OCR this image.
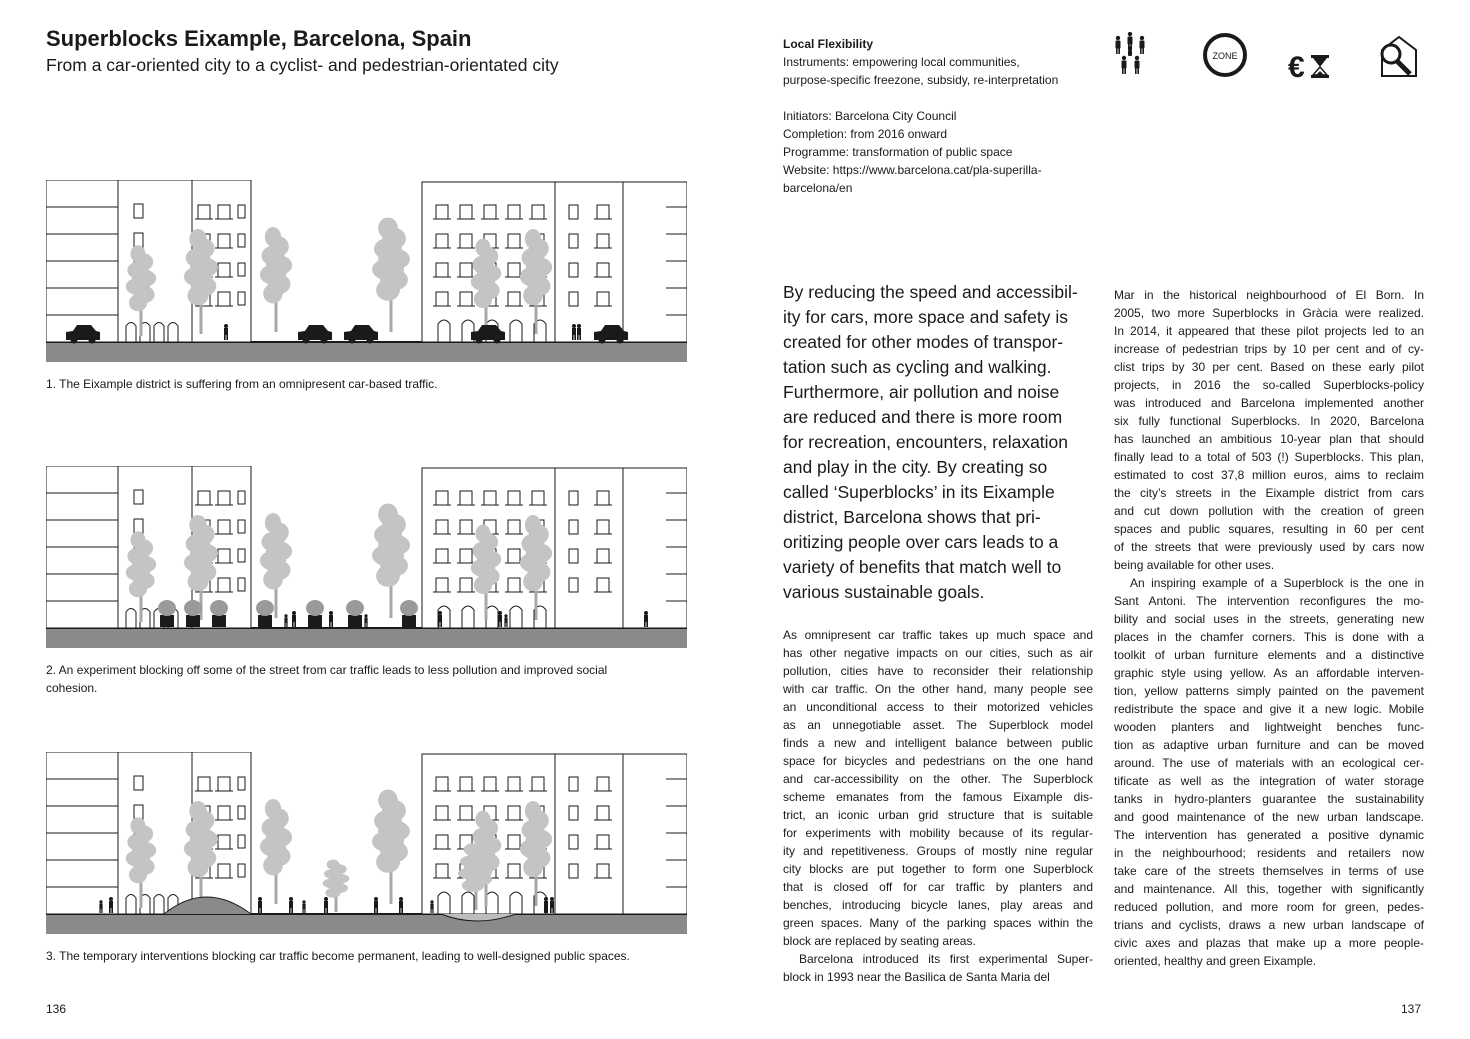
Superblocks Eixample, Barcelona, Spain
From a car-oriented city to a cyclist- and pedestrian-orientated city
1. The Eixample district is suffering from an omnipresent car-based traffic.
2. An experiment blocking off some of the street from car traffic leads to less pollution and improved social
cohesion.
3. The temporary interventions blocking car traffic become permanent, leading to well-designed public spaces.
136
Local Flexibility
Instruments: empowering local communities,
purpose-specific freezone, subsidy, re-interpretation
Initiators: Barcelona City Council
Completion: from 2016 onward
Programme: transformation of public space
Website: https://www.barcelona.cat/pla-superilla-
barcelona/en
ZONE €
By reducing the speed and accessibil-
ity for cars, more space and safety is
created for other modes of transpor-
tation such as cycling and walking.
Furthermore, air pollution and noise
are reduced and there is more room
for recreation, encounters, relaxation
and play in the city. By creating so
called ‘Superblocks’ in its Eixample
district, Barcelona shows that pri-
oritizing people over cars leads to a
variety of benefits that match well to
various sustainable goals.
As omnipresent car traffic takes up much space and
has other negative impacts on our cities, such as air
pollution, cities have to reconsider their relationship
with car traffic. On the other hand, many people see
an unconditional access to their motorized vehicles
as an unnegotiable asset. The Superblock model
finds a new and intelligent balance between public
space for bicycles and pedestrians on the one hand
and car-accessibility on the other. The Superblock
scheme emanates from the famous Eixample dis-
trict, an iconic urban grid structure that is suitable
for experiments with mobility because of its regular-
ity and repetitiveness. Groups of mostly nine regular
city blocks are put together to form one Superblock
that is closed off for car traffic by planters and
benches, introducing bicycle lanes, play areas and
green spaces. Many of the parking spaces within the
block are replaced by seating areas.
Barcelona introduced its first experimental Super-
block in 1993 near the Basilica de Santa Maria del
Mar in the historical neighbourhood of El Born. In
2005, two more Superblocks in Gràcia were realized.
In 2014, it appeared that these pilot projects led to an
increase of pedestrian trips by 10 per cent and of cy-
clist trips by 30 per cent. Based on these early pilot
projects, in 2016 the so-called Superblocks-policy
was introduced and Barcelona implemented another
six fully functional Superblocks. In 2020, Barcelona
has launched an ambitious 10-year plan that should
finally lead to a total of 503 (!) Superblocks. This plan,
estimated to cost 37,8 million euros, aims to reclaim
the city’s streets in the Eixample district from cars
and cut down pollution with the creation of green
spaces and public squares, resulting in 60 per cent
of the streets that were previously used by cars now
being available for other uses.
An inspiring example of a Superblock is the one in
Sant Antoni. The intervention reconfigures the mo-
bility and social uses in the streets, generating new
places in the chamfer corners. This is done with a
toolkit of urban furniture elements and a distinctive
graphic style using yellow. As an affordable interven-
tion, yellow patterns simply painted on the pavement
redistribute the space and give it a new logic. Mobile
wooden planters and lightweight benches func-
tion as adaptive urban furniture and can be moved
around. The use of materials with an ecological cer-
tificate as well as the integration of water storage
tanks in hydro-planters guarantee the sustainability
and good maintenance of the new urban landscape.
The intervention has generated a positive dynamic
in the neighbourhood; residents and retailers now
take care of the streets themselves in terms of use
and maintenance. All this, together with significantly
reduced pollution, and more room for green, pedes-
trians and cyclists, draws a new urban landscape of
civic axes and plazas that make up a more people-
oriented, healthy and green Eixample.
137
